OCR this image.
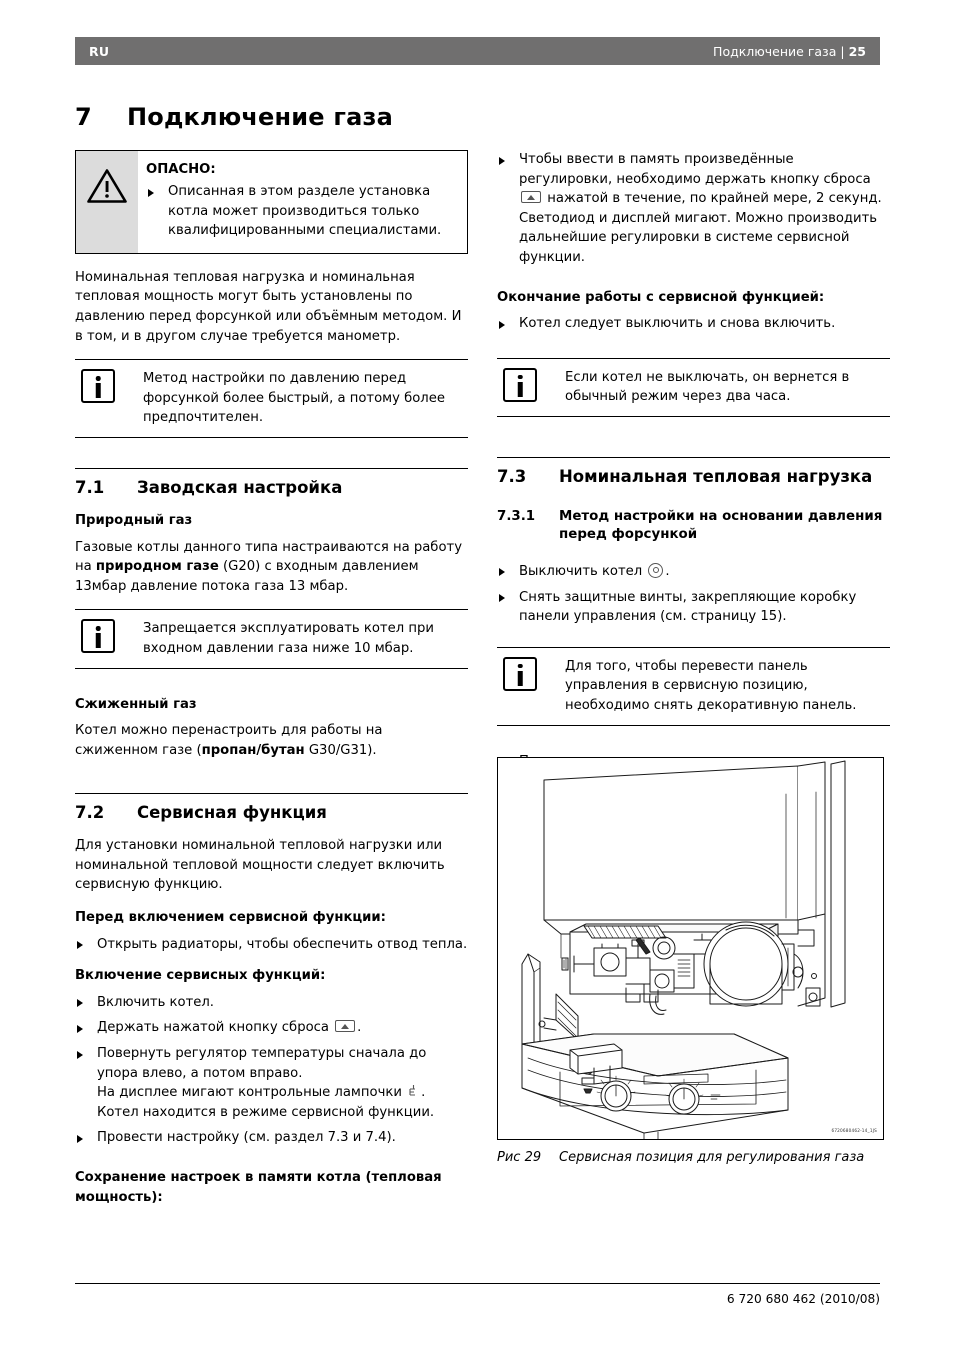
RU	Подключение газа | 25
7 Подключение газа
ОПАСНО:
Описанная в этом разделе установка котла может производиться только квалифицированными специалистами.

Номинальная тепловая нагрузка и номинальная тепловая мощность могут быть установлены по давлению перед форсункой или объёмным методом. И в том, и в другом случае требуется манометр.

Метод настройки по давлению перед форсункой более быстрый, а потому более предпочтителен.
7.1	Заводская настройка
Природный газ

Газовые котлы данного типа настраиваются на работу на природном газе (G20) с входным давлением 13мбар давление потока газа 13 мбар.

Запрещается эксплуатировать котел при входном давлении газа ниже 10 мбар.
Сжиженный газ

Котел можно перенастроить для работы на сжиженном газе (пропан/бутан G30/G31).

7.2	Сервисная функция

Для установки номинальной тепловой нагрузки или номинальной тепловой мощности следует включить сервисную функцию.

Перед включением сервисной функции:
Открыть радиаторы, чтобы обеспечить отвод тепла.
Включение сервисных функций:
Включить котел.
Держать нажатой кнопку сброса .
Повернуть регулятор температуры сначала до упора влево, а потом вправо.
На дисплее мигают контрольные лампочки
. Котел находится в режиме сервисной функции.
Провести настройку (см. раздел 7.3 и 7.4).
Сохранение настроек в памяти котла (тепловая мощность):
Чтобы ввести в память произведённые регулировки, необходимо держать кнопку сброса  нажатой в течение, по крайней мере, 2 секунд. Светодиод и дисплей мигают. Можно производить дальнейшие регулировки в системе сервисной функции.
Окончание работы с сервисной функцией:
Котел следует выключить и снова включить.
Если котел не выключать, он вернется в обычный режим через два часа.
7.3	Номинальная тепловая нагрузка
7.3.1	Метод настройки на основании давления перед форсункой
Выключить котел .
Снять защитные винты, закрепляющие коробку панели управления (см. страницу 15).
Для того, чтобы перевести панель управления в сервисную позицию, необходимо снять декоративную панель.
6720680462-14_1JS
Рис 29	Сервисная позиция для регулирования газа
6 720 680 462 (2010/08)
